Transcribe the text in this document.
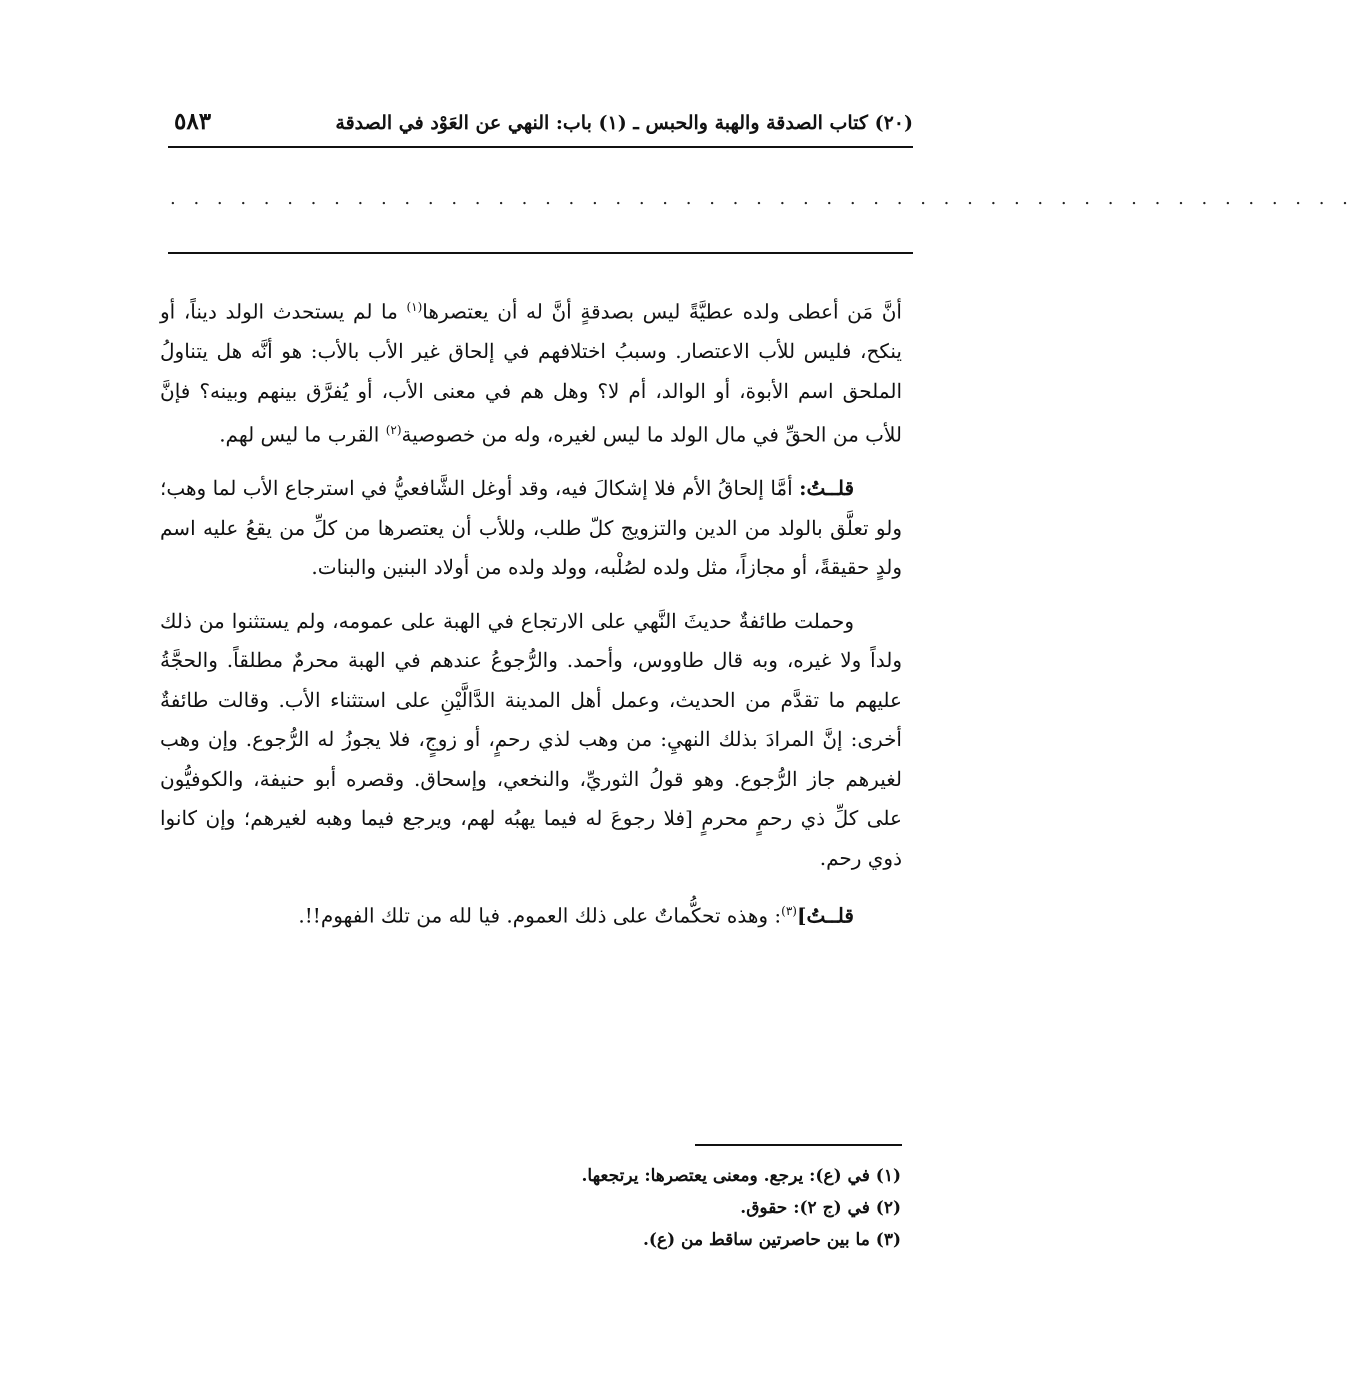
(٢٠) كتاب الصدقة والهبة والحبس ـ (١) باب: النهي عن العَوْد في الصدقة
٥٨٣
. . . . . . . . . . . . . . . . . . . . . . . . . . . . . . . . . . . . . . . . . . . . . . . . . . .

أنَّ مَن أعطى ولده عطيَّةً ليس بصدقةٍ أنَّ له أن يعتصرها$^{(١)}$ ما لم يستحدث الولد ديناً، أو ينكح، فليس للأب الاعتصار. وسببُ اختلافهم في إلحاق غير الأب بالأب: هو أنَّه هل يتناولُ الملحق اسم الأبوة، أو الوالد، أم لا؟ وهل هم في معنى الأب، أو يُفرَّق بينهم وبينه؟ فإنَّ للأب من الحقِّ في مال الولد ما ليس لغيره، وله من خصوصية$^{(٢)}$ القرب ما ليس لهم.

قلــتُ: أمَّا إلحاقُ الأم فلا إشكالَ فيه، وقد أوغل الشَّافعيُّ في استرجاع الأب لما وهب؛ ولو تعلَّق بالولد من الدين والتزويج كلّ طلب، وللأب أن يعتصرها من كلِّ من يقعُ عليه اسم ولدٍ حقيقةً، أو مجازاً، مثل ولده لصُلْبه، وولد ولده من أولاد البنين والبنات.

وحملت طائفةٌ حديثَ النَّهي على الارتجاع في الهبة على عمومه، ولم يستثنوا من ذلك ولداً ولا غيره، وبه قال طاووس، وأحمد. والرُّجوعُ عندهم في الهبة محرمٌ مطلقاً. والحجَّةُ عليهم ما تقدَّم من الحديث، وعمل أهل المدينة الدَّالَّيْنِ على استثناء الأب. وقالت طائفةٌ أخرى: إنَّ المرادَ بذلك النهيِ: من وهب لذي رحمٍ، أو زوجٍ، فلا يجوزُ له الرُّجوع. وإن وهب لغيرهم جاز الرُّجوع. وهو قولُ الثوريِّ، والنخعي، وإسحاق. وقصره أبو حنيفة، والكوفيُّون على كلِّ ذي رحمٍ محرمٍ [فلا رجوعَ له فيما يهبُه لهم، ويرجع فيما وهبه لغيرهم؛ وإن كانوا ذوي رحم.

قلــتُ]$^{(٣)}$: وهذه تحكُّماتٌ على ذلك العموم. فيا لله من تلك الفهوم!!.

(١) في (ع): يرجع. ومعنى يعتصرها: يرتجعها.

(٢) في (ج ٢): حقوق.

(٣) ما بين حاصرتين ساقط من (ع).
